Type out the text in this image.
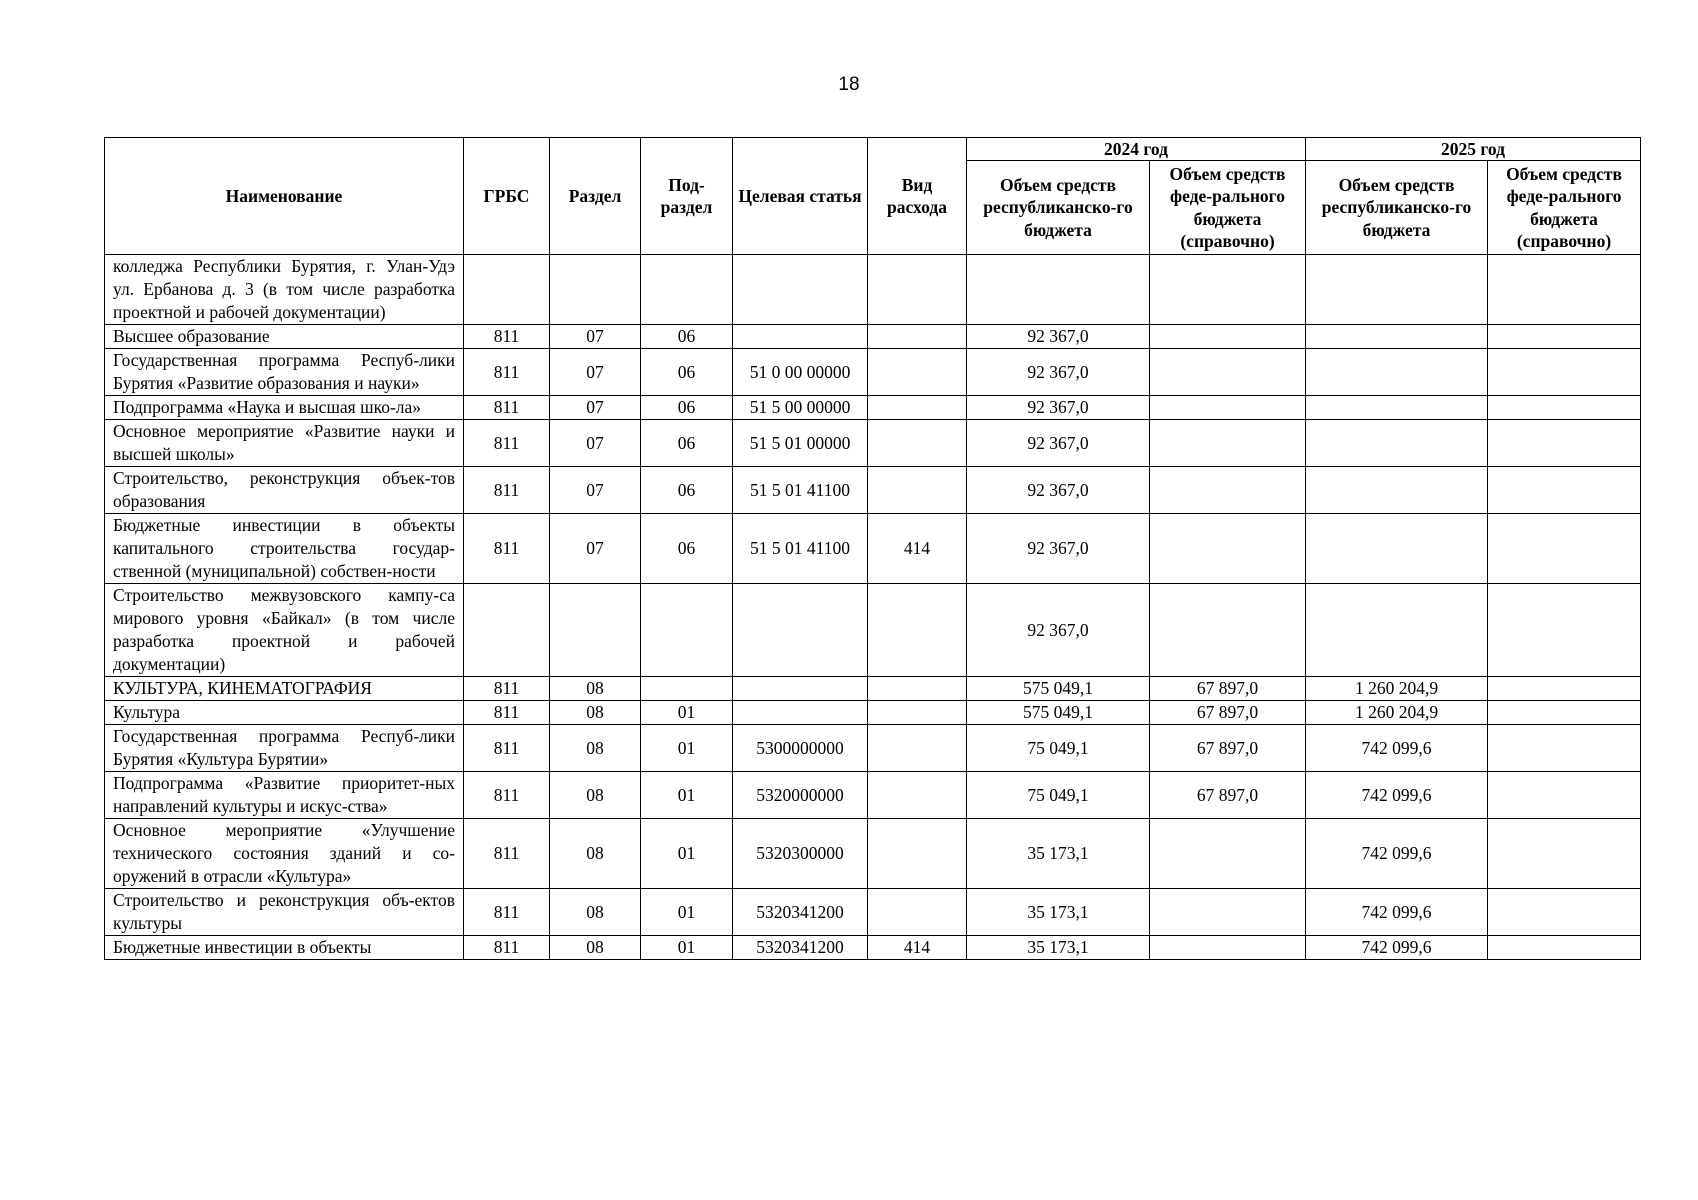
18
Наименование	ГРБС	Раздел	Под-раздел	Целевая статья	Вид расхода	2024 год		2025 год	
						Объем средств республиканско-го бюджета	Объем средств феде-рального бюджета (справочно)	Объем средств республиканско-го бюджета	Объем средств феде-рального бюджета (справочно)
колледжа Республики Бурятия, г. Улан-Удэ ул. Ербанова д. 3 (в том числе разработка проектной и рабочей документации)									
Высшее образование	811	07	06			92 367,0			
Государственная программа Респуб-лики Бурятия «Развитие образования и науки»	811	07	06	51 0 00 00000		92 367,0			
Подпрограмма «Наука и высшая шко-ла»	811	07	06	51 5 00 00000		92 367,0			
Основное мероприятие «Развитие науки и высшей школы»	811	07	06	51 5 01 00000		92 367,0			
Строительство, реконструкция объек-тов образования	811	07	06	51 5 01 41100		92 367,0			
Бюджетные инвестиции в объекты капитального строительства государ-ственной (муниципальной) собствен-ности	811	07	06	51 5 01 41100	414	92 367,0			
Строительство межвузовского кампу-са мирового уровня «Байкал» (в том числе разработка проектной и рабочей документации)						92 367,0			
КУЛЬТУРА, КИНЕМАТОГРАФИЯ	811	08				575 049,1	67 897,0	1 260 204,9	
Культура	811	08	01			575 049,1	67 897,0	1 260 204,9	
Государственная программа Респуб-лики Бурятия «Культура Бурятии»	811	08	01	5300000000		75 049,1	67 897,0	742 099,6	
Подпрограмма «Развитие приоритет-ных направлений культуры и искус-ства»	811	08	01	5320000000		75 049,1	67 897,0	742 099,6	
Основное мероприятие «Улучшение технического состояния зданий и со-оружений в отрасли «Культура»	811	08	01	5320300000		35 173,1		742 099,6	
Строительство и реконструкция объ-ектов культуры	811	08	01	5320341200		35 173,1		742 099,6	
Бюджетные инвестиции в объекты	811	08	01	5320341200	414	35 173,1		742 099,6	
